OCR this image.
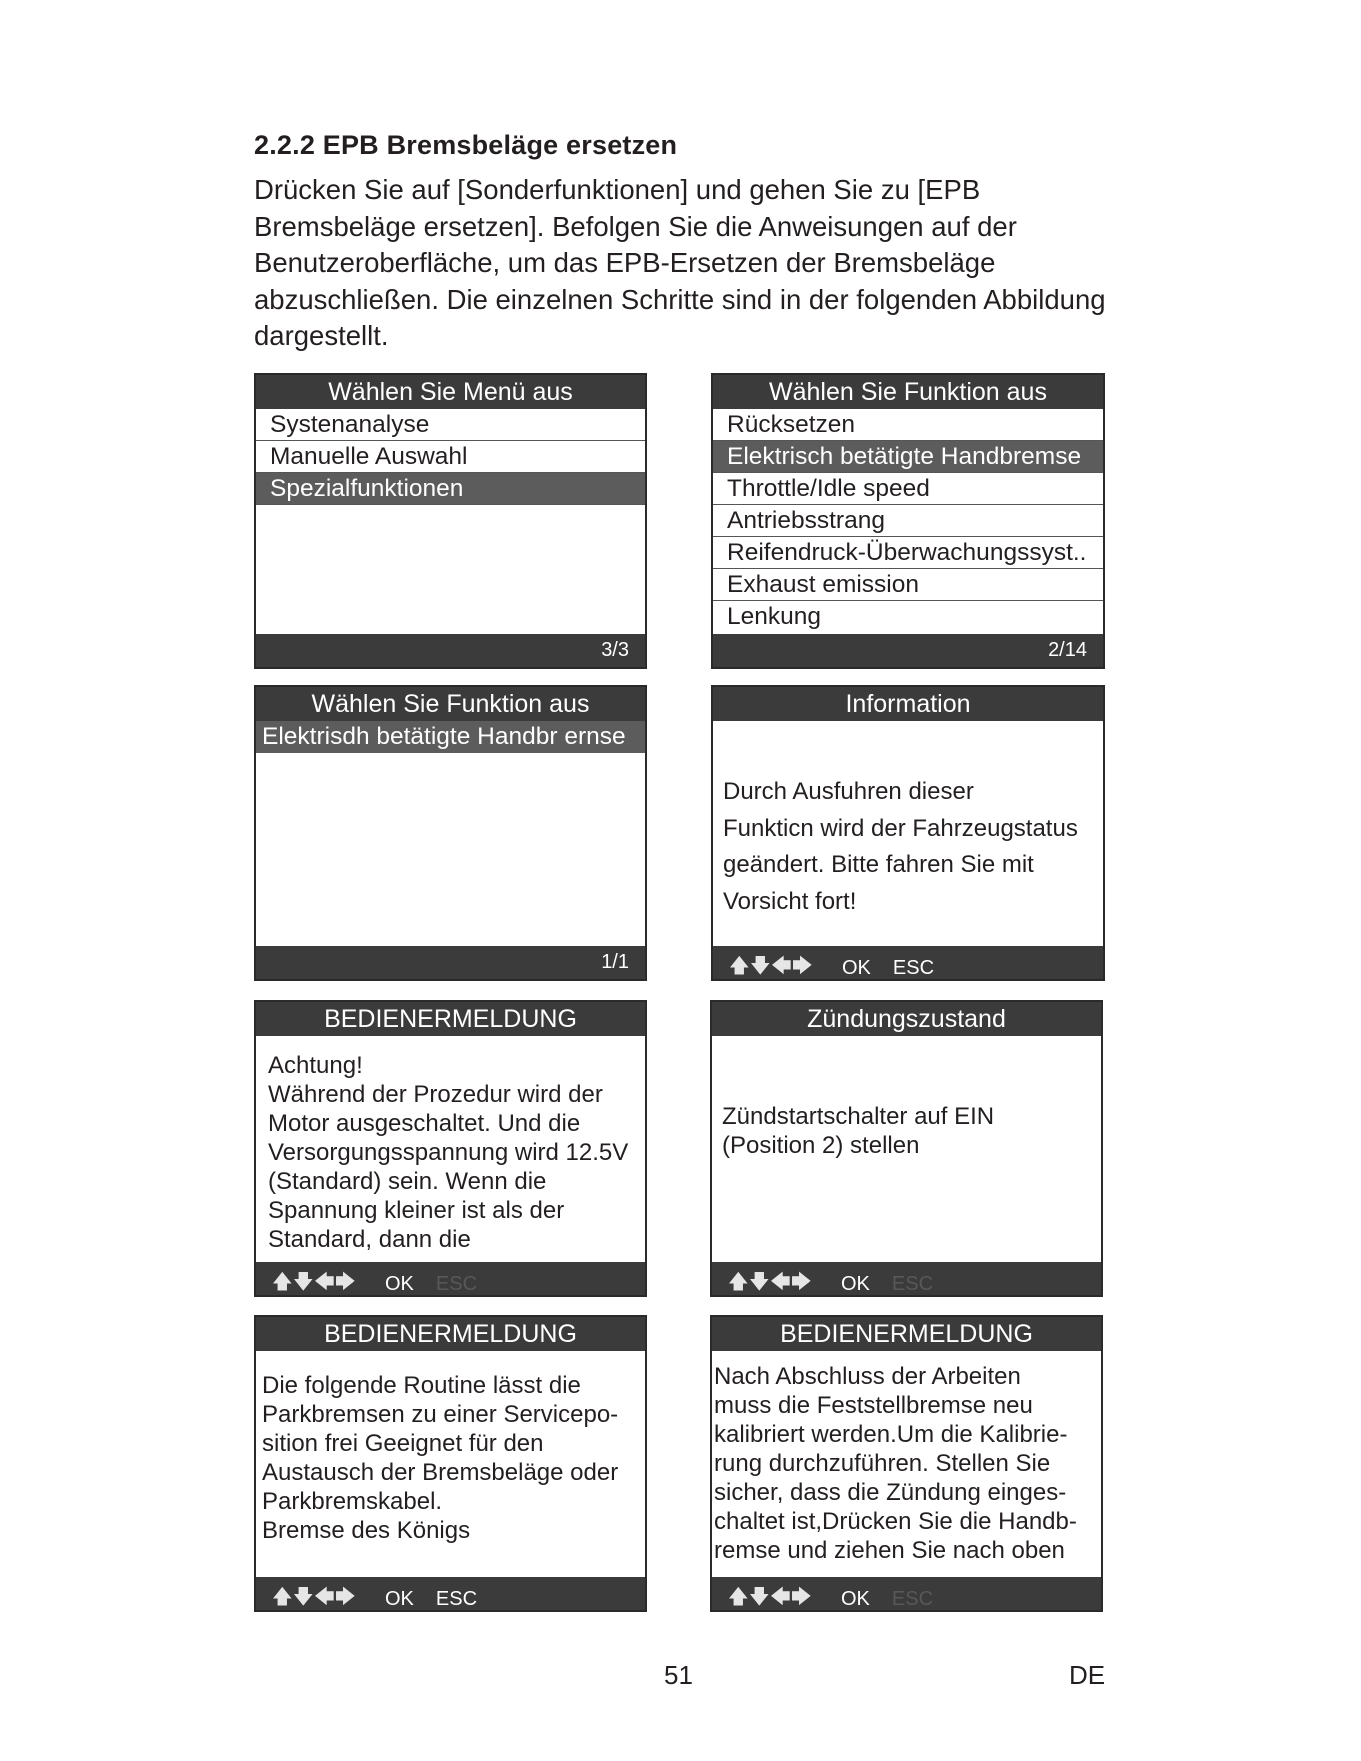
2.2.2 EPB Bremsbeläge ersetzen
Drücken Sie auf [Sonderfunktionen] und gehen Sie zu [EPB Bremsbeläge ersetzen]. Befolgen Sie die Anweisungen auf der Benutzeroberfläche, um das EPB-Ersetzen der Bremsbeläge abzuschließen. Die einzelnen Schritte sind in der folgenden Abbildung dargestellt.
Wählen Sie Menü aus
Systenanalyse
Manuelle Auswahl
Spezialfunktionen
3/3
Wählen Sie Funktion aus
Rücksetzen
Elektrisch betätigte Handbremse
Throttle/Idle speed
Antriebsstrang
Reifendruck-Überwachungssyst..
Exhaust emission
Lenkung
2/14
Wählen Sie Funktion aus
Elektrisdh betätigte Handbr ernse
1/1
Information
Durch Ausfuhren dieser
Funkticn wird der Fahrzeugstatus
geändert. Bitte fahren Sie mit
Vorsicht fort!
🡅 🡇 🡄 🡆 OK ESC
BEDIENERMELDUNG
Achtung!
Während der Prozedur wird der
Motor ausgeschaltet. Und die
Versorgungsspannung wird 12.5V
(Standard) sein. Wenn die
Spannung kleiner ist als der
Standard, dann die
🡅 🡇 🡄 🡆 OK ESC
Zündungszustand
Zündstartschalter auf EIN
(Position 2) stellen
🡅 🡇 🡄 🡆 OK ESC
BEDIENERMELDUNG
Die folgende Routine lässt die
Parkbremsen zu einer Servicepo-
sition frei Geeignet für den
Austausch der Bremsbeläge oder
Parkbremskabel.
Bremse des Königs
🡅 🡇 🡄 🡆 OK ESC
BEDIENERMELDUNG
Nach Abschluss der Arbeiten
muss die Feststellbremse neu
kalibriert werden.Um die Kalibrie-
rung durchzuführen. Stellen Sie
sicher, dass die Zündung einges-
chaltet ist,Drücken Sie die Handb-
remse und ziehen Sie nach oben
🡅 🡇 🡄 🡆 OK ESC
51	DE
